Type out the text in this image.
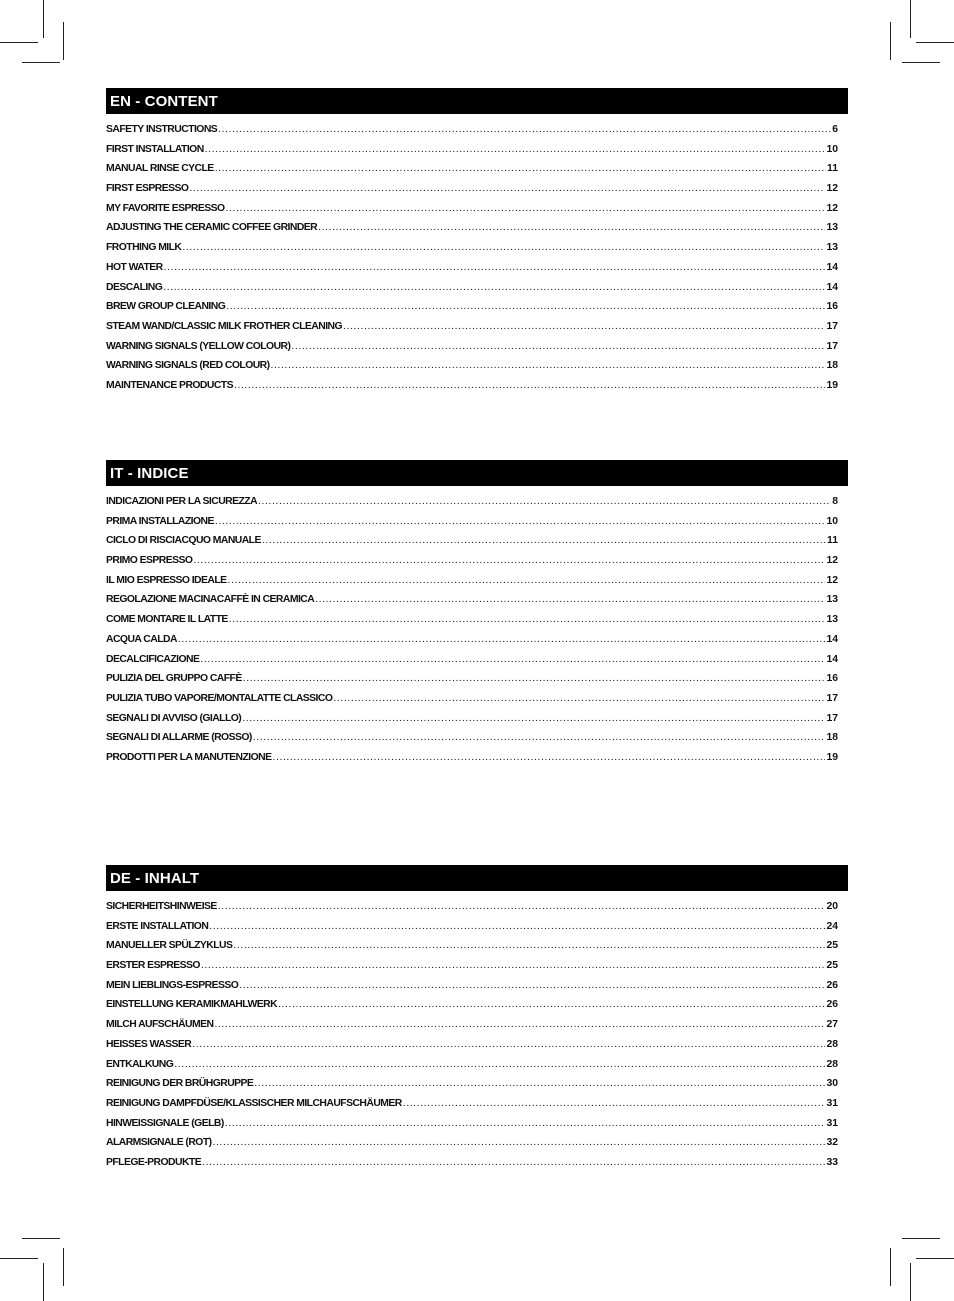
EN - CONTENT
SAFETY INSTRUCTIONS .....	6
FIRST INSTALLATION .....	10
MANUAL RINSE CYCLE .....	11
FIRST ESPRESSO .....	12
MY FAVORITE ESPRESSO .....	12
ADJUSTING THE CERAMIC COFFEE GRINDER .....	13
FROTHING MILK .....	13
HOT WATER .....	14
DESCALING .....	14
BREW GROUP CLEANING .....	16
STEAM WAND/CLASSIC MILK FROTHER CLEANING .....	17
WARNING SIGNALS (YELLOW COLOUR) .....	17
WARNING SIGNALS (RED COLOUR) .....	18
MAINTENANCE PRODUCTS .....	19
IT - INDICE
INDICAZIONI PER LA SICUREZZA .....	8
PRIMA INSTALLAZIONE .....	10
CICLO DI RISCIACQUO MANUALE .....	11
PRIMO ESPRESSO .....	12
IL MIO ESPRESSO IDEALE .....	12
REGOLAZIONE MACINACAFFÈ IN CERAMICA .....	13
COME MONTARE IL LATTE .....	13
ACQUA CALDA .....	14
DECALCIFICAZIONE .....	14
PULIZIA DEL GRUPPO CAFFÈ .....	16
PULIZIA TUBO VAPORE/MONTALATTE CLASSICO .....	17
SEGNALI DI AVVISO (GIALLO) .....	17
SEGNALI DI ALLARME (ROSSO) .....	18
PRODOTTI PER LA MANUTENZIONE .....	19
DE - INHALT
SICHERHEITSHINWEISE .....	20
ERSTE INSTALLATION .....	24
MANUELLER SPÜLZYKLUS .....	25
ERSTER ESPRESSO .....	25
MEIN LIEBLINGS-ESPRESSO .....	26
EINSTELLUNG KERAMIKMAHLWERK .....	26
MILCH AUFSCHÄUMEN .....	27
HEISSES WASSER .....	28
ENTKALKUNG .....	28
REINIGUNG DER BRÜHGRUPPE .....	30
REINIGUNG DAMPFDÜSE/KLASSISCHER MILCHAUFSCHÄUMER .....	31
HINWEISSIGNALE (GELB) .....	31
ALARMSIGNALE (ROT) .....	32
PFLEGE-PRODUKTE .....	33
